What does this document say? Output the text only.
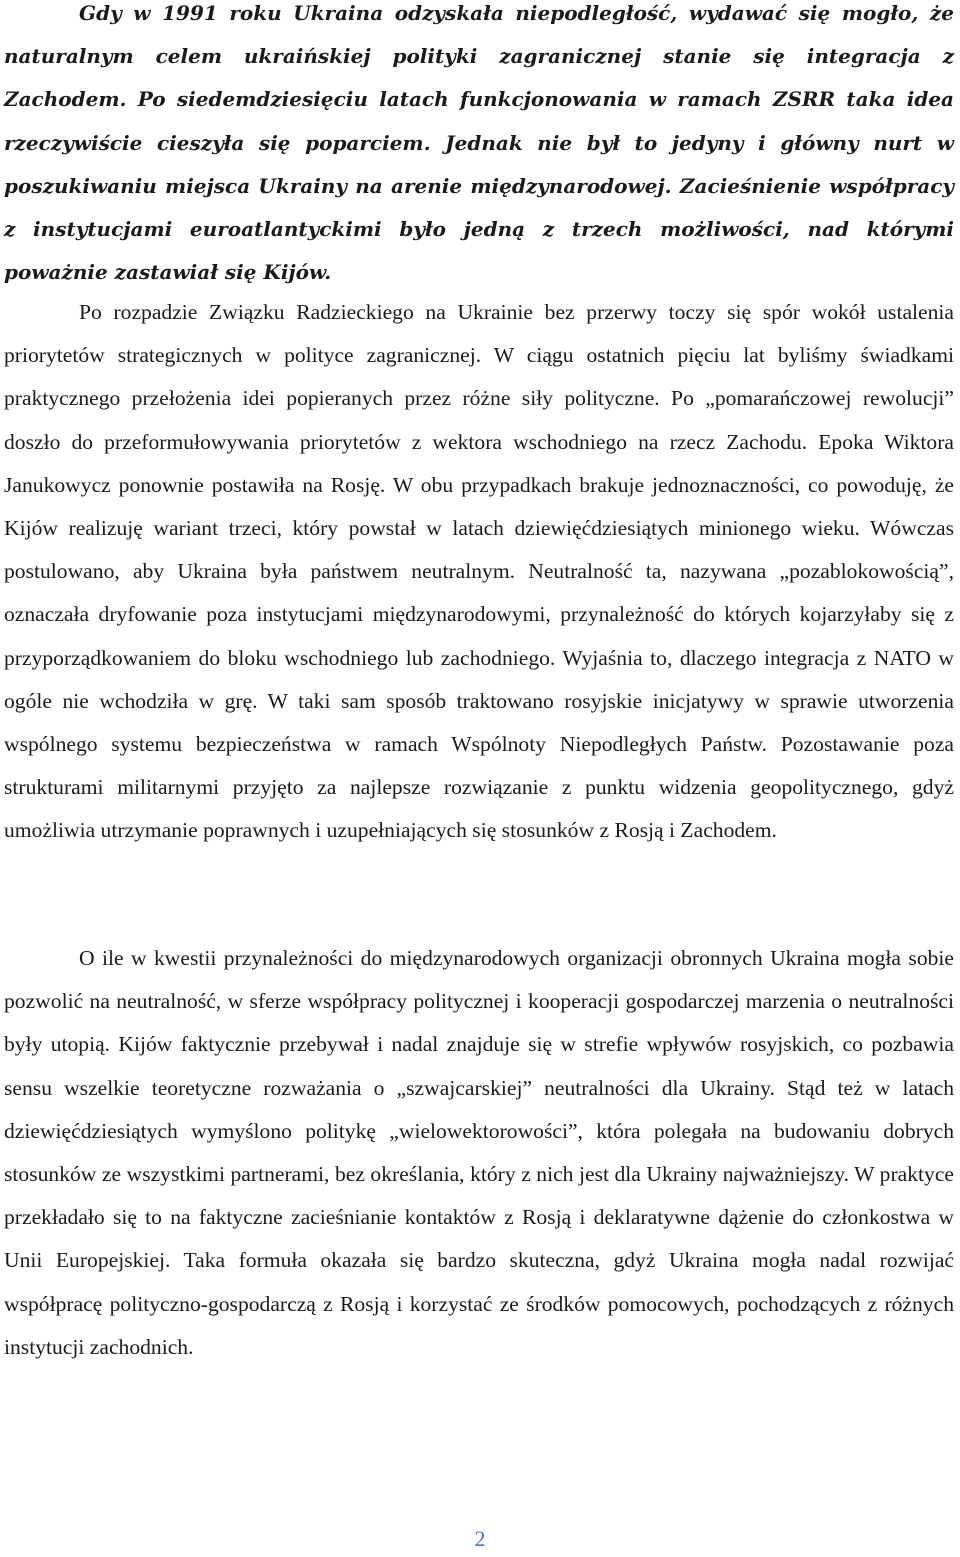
Gdy w 1991 roku Ukraina odzyskała niepodległość, wydawać się mogło, że naturalnym celem ukraińskiej polityki zagranicznej stanie się integracja z Zachodem. Po siedemdziesięciu latach funkcjonowania w ramach ZSRR taka idea rzeczywiście cieszyła się poparciem. Jednak nie był to jedyny i główny nurt w poszukiwaniu miejsca Ukrainy na arenie międzynarodowej. Zacieśnienie współpracy z instytucjami euroatlantyckimi było jedną z trzech możliwości, nad którymi poważnie zastawiał się Kijów.

Po rozpadzie Związku Radzieckiego na Ukrainie bez przerwy toczy się spór wokół ustalenia priorytetów strategicznych w polityce zagranicznej. W ciągu ostatnich pięciu lat byliśmy świadkami praktycznego przełożenia idei popieranych przez różne siły polityczne. Po „pomarańczowej rewolucji” doszło do przeformułowywania priorytetów z wektora wschodniego na rzecz Zachodu. Epoka Wiktora Janukowycz ponownie postawiła na Rosję. W obu przypadkach brakuje jednoznaczności, co powoduję, że Kijów realizuję wariant trzeci, który powstał w latach dziewięćdziesiątych minionego wieku. Wówczas postulowano, aby Ukraina była państwem neutralnym. Neutralność ta, nazywana „pozablokowością”, oznaczała dryfowanie poza instytucjami międzynarodowymi, przynależność do których kojarzyłaby się z przyporządkowaniem do bloku wschodniego lub zachodniego. Wyjaśnia to, dlaczego integracja z NATO w ogóle nie wchodziła w grę. W taki sam sposób traktowano rosyjskie inicjatywy w sprawie utworzenia wspólnego systemu bezpieczeństwa w ramach Wspólnoty Niepodległych Państw. Pozostawanie poza strukturami militarnymi przyjęto za najlepsze rozwiązanie z punktu widzenia geopolitycznego, gdyż umożliwia utrzymanie poprawnych i uzupełniających się stosunków z Rosją i Zachodem.

O ile w kwestii przynależności do międzynarodowych organizacji obronnych Ukraina mogła sobie pozwolić na neutralność, w sferze współpracy politycznej i kooperacji gospodarczej marzenia o neutralności były utopią. Kijów faktycznie przebywał i nadal znajduje się w strefie wpływów rosyjskich, co pozbawia sensu wszelkie teoretyczne rozważania o „szwajcarskiej” neutralności dla Ukrainy. Stąd też w latach dziewięćdziesiątych wymyślono politykę „wielowektorowości”, która polegała na budowaniu dobrych stosunków ze wszystkimi partnerami, bez określania, który z nich jest dla Ukrainy najważniejszy. W praktyce przekładało się to na faktyczne zacieśnianie kontaktów z Rosją i deklaratywne dążenie do członkostwa w Unii Europejskiej. Taka formuła okazała się bardzo skuteczna, gdyż Ukraina mogła nadal rozwijać współpracę polityczno-gospodarczą z Rosją i korzystać ze środków pomocowych, pochodzących z różnych instytucji zachodnich.

2
